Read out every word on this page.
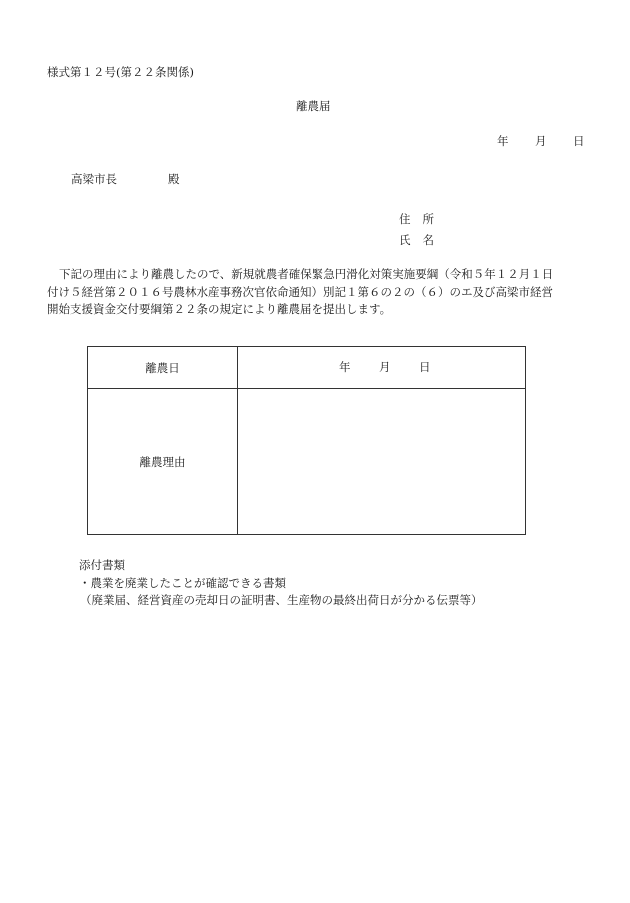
様式第１２号(第２２条関係)
離農届
年 月 日
高梁市長	殿
住 所
氏 名
下記の理由により離農したので、新規就農者確保緊急円滑化対策実施要綱（令和５年１２月１日
付け５経営第２０１６号農林水産事務次官依命通知）別記１第６の２の（６）のエ及び高梁市経営
開始支援資金交付要綱第２２条の規定により離農届を提出します。
離農日	年 月 日
離農理由
添付書類
・農業を廃業したことが確認できる書類
（廃業届、経営資産の売却日の証明書、生産物の最終出荷日が分かる伝票等）
